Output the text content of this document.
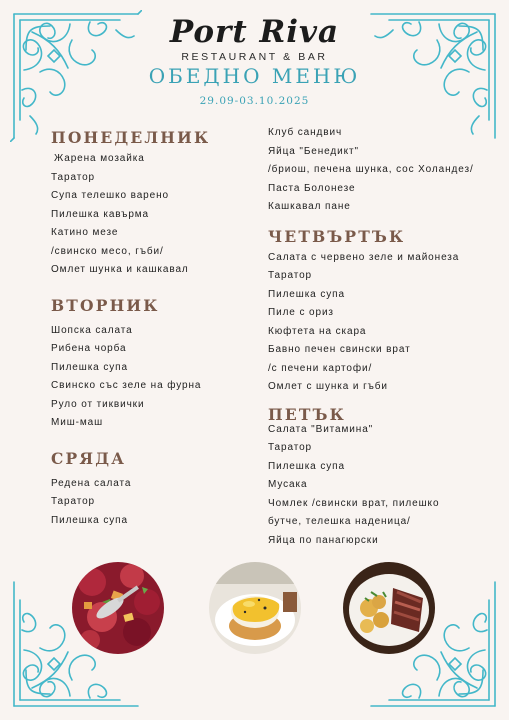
Port Riva
RESTAURANT & BAR
ОБЕДНО МЕНЮ
29.09-03.10.2025
ПОНЕДЕЛНИК
Жарена мозайка
Таратор
Супа телешко варено
Пилешка кавърма
Катино мезе
/свинско месо, гъби/
Омлет шунка и кашкавал
ВТОРНИК
Шопска салата
Рибена чорба
Пилешка супа
Свинско със зеле на фурна
Руло от тиквички
Миш-маш
СРЯДА
Редена салата
Таратор
Пилешка супа
Клуб сандвич
Яйца "Бенедикт"
/бриош, печена шунка, сос Холандез/
Паста Болонезе
Кашкавал пане
ЧЕТВЪРТЪК
Салата с червено зеле и майонеза
Таратор
Пилешка супа
Пиле с ориз
Кюфтета на скара
Бавно печен свински врат
/с печени картофи/
Омлет с шунка и гъби
ПЕТЪК
Салата "Витамина"
Таратор
Пилешка супа
Мусака
Чомлек /свински врат, пилешко
бутче, телешка наденица/
Яйца по панагюрски
